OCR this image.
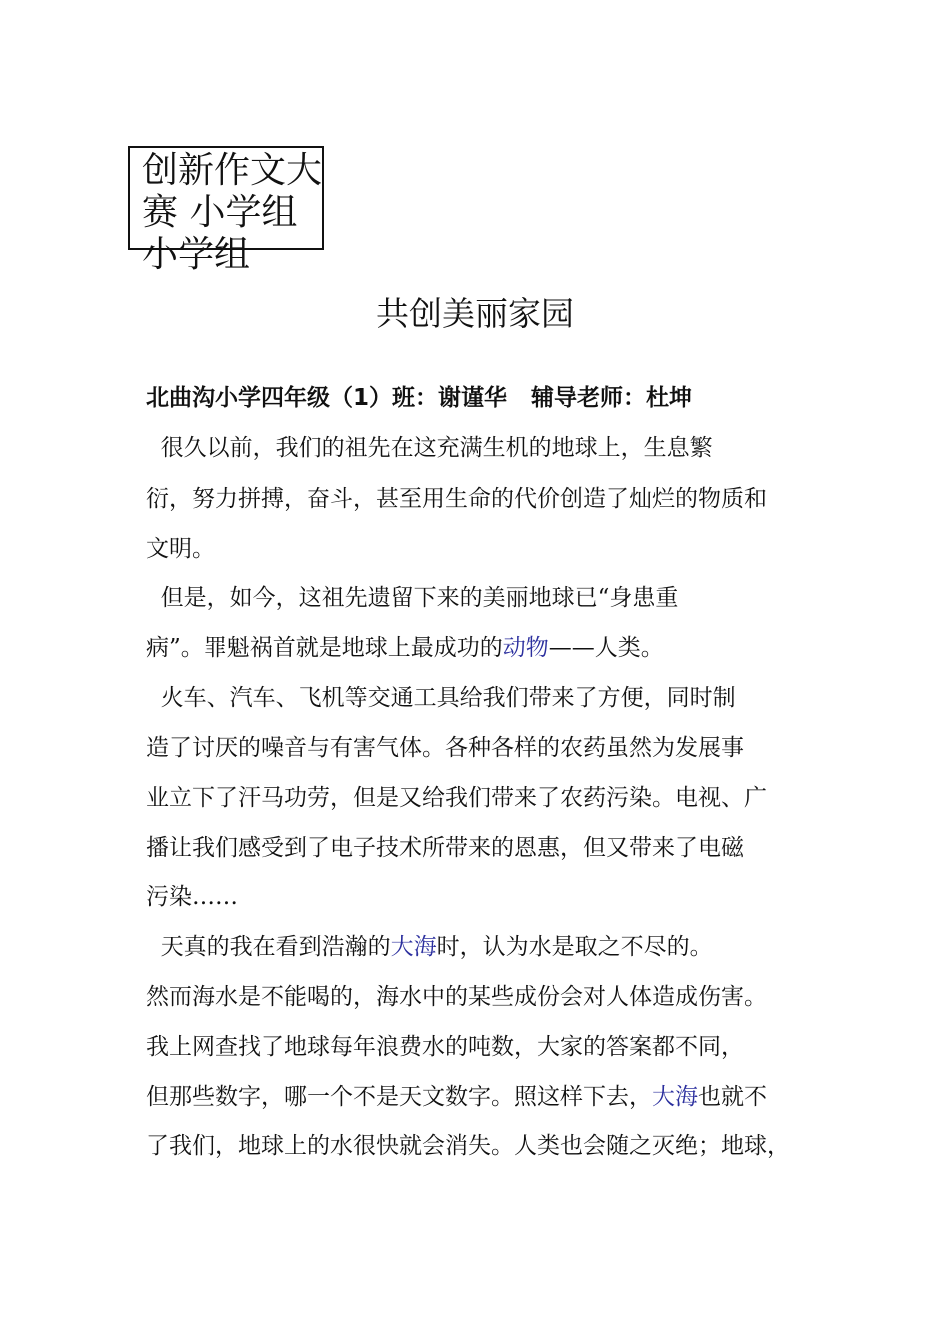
创新作文大
赛 小学组
小学组
共创美丽家园
北曲沟小学四年级（1）班：谢谨华   辅导老师：杜坤
很久以前，我们的祖先在这充满生机的地球上，生息繁
衍，努力拼搏，奋斗，甚至用生命的代价创造了灿烂的物质和
文明。
但是，如今，这祖先遗留下来的美丽地球已“身患重
病”。罪魁祸首就是地球上最成功的动物——人类。
火车、汽车、飞机等交通工具给我们带来了方便，同时制
造了讨厌的噪音与有害气体。各种各样的农药虽然为发展事
业立下了汗马功劳，但是又给我们带来了农药污染。电视、广
播让我们感受到了电子技术所带来的恩惠，但又带来了电磁
污染……
天真的我在看到浩瀚的大海时，认为水是取之不尽的。
然而海水是不能喝的，海水中的某些成份会对人体造成伤害。
我上网查找了地球每年浪费水的吨数，大家的答案都不同，
但那些数字，哪一个不是天文数字。照这样下去，大海也就不
了我们，地球上的水很快就会消失。人类也会随之灭绝；地球，
